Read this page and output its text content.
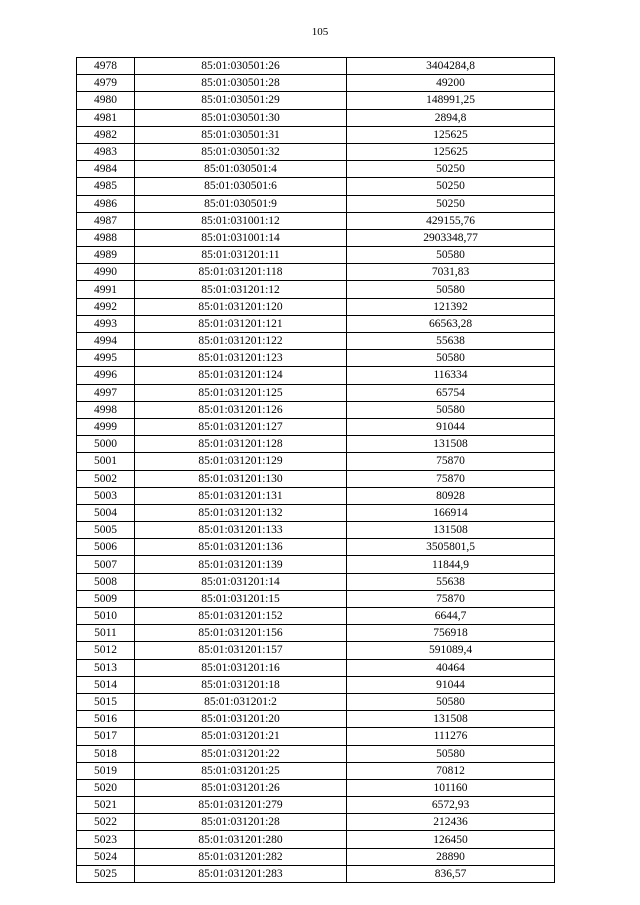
105
4978	85:01:030501:26	3404284,8
4979	85:01:030501:28	49200
4980	85:01:030501:29	148991,25
4981	85:01:030501:30	2894,8
4982	85:01:030501:31	125625
4983	85:01:030501:32	125625
4984	85:01:030501:4	50250
4985	85:01:030501:6	50250
4986	85:01:030501:9	50250
4987	85:01:031001:12	429155,76
4988	85:01:031001:14	2903348,77
4989	85:01:031201:11	50580
4990	85:01:031201:118	7031,83
4991	85:01:031201:12	50580
4992	85:01:031201:120	121392
4993	85:01:031201:121	66563,28
4994	85:01:031201:122	55638
4995	85:01:031201:123	50580
4996	85:01:031201:124	116334
4997	85:01:031201:125	65754
4998	85:01:031201:126	50580
4999	85:01:031201:127	91044
5000	85:01:031201:128	131508
5001	85:01:031201:129	75870
5002	85:01:031201:130	75870
5003	85:01:031201:131	80928
5004	85:01:031201:132	166914
5005	85:01:031201:133	131508
5006	85:01:031201:136	3505801,5
5007	85:01:031201:139	11844,9
5008	85:01:031201:14	55638
5009	85:01:031201:15	75870
5010	85:01:031201:152	6644,7
5011	85:01:031201:156	756918
5012	85:01:031201:157	591089,4
5013	85:01:031201:16	40464
5014	85:01:031201:18	91044
5015	85:01:031201:2	50580
5016	85:01:031201:20	131508
5017	85:01:031201:21	111276
5018	85:01:031201:22	50580
5019	85:01:031201:25	70812
5020	85:01:031201:26	101160
5021	85:01:031201:279	6572,93
5022	85:01:031201:28	212436
5023	85:01:031201:280	126450
5024	85:01:031201:282	28890
5025	85:01:031201:283	836,57
